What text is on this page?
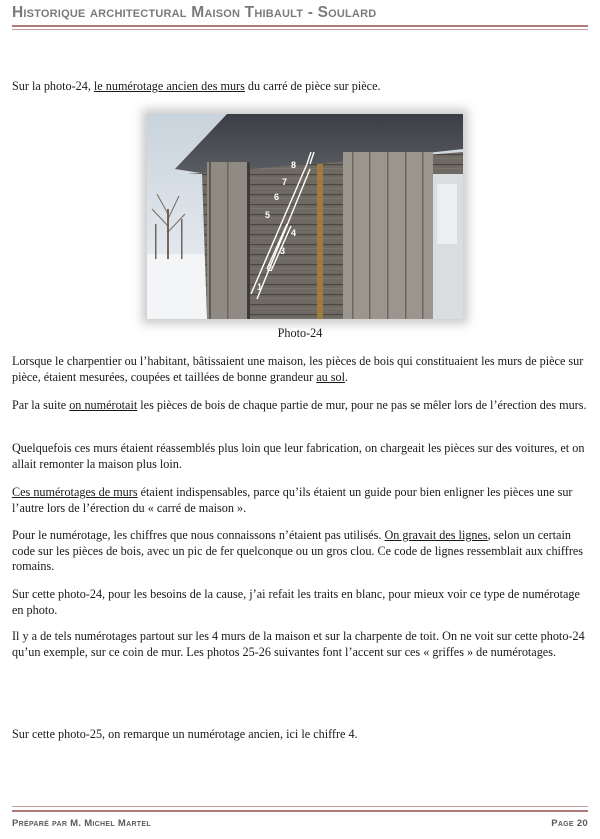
Historique architectural Maison Thibault - Soulard

Sur la photo-24, le numérotage ancien des murs du carré de pièce sur pièce.

1
2
3
4
5
6
7
8
Photo-24

Lorsque le charpentier ou l’habitant, bâtissaient une maison, les pièces de bois qui constituaient les murs de pièce sur pièce, étaient mesurées, coupées et taillées de bonne grandeur au sol.

Par la suite on numérotait les pièces de bois de chaque partie de mur, pour ne pas se mêler lors de l’érection des murs.

Quelquefois ces murs étaient réassemblés plus loin que leur fabrication, on chargeait les pièces sur des voitures, et on allait remonter la maison plus loin.

Ces numérotages de murs étaient indispensables, parce qu’ils étaient un guide pour bien enligner les pièces une sur l’autre lors de l’érection du « carré de maison ».

Pour le numérotage, les chiffres que nous connaissons n’étaient pas utilisés. On gravait des lignes, selon un certain code sur les pièces de bois, avec un pic de fer quelconque ou un gros clou. Ce code de lignes ressemblait aux chiffres romains.

Sur cette photo-24, pour les besoins de la cause, j’ai refait les traits en blanc, pour mieux voir ce type de numérotage en photo.

Il y a de tels numérotages partout sur les 4 murs de la maison et sur la charpente de toit. On ne voit sur cette photo-24 qu’un exemple, sur ce coin de mur. Les photos 25-26 suivantes font l’accent sur ces « griffes » de numérotages.

Sur cette photo-25, on remarque un numérotage ancien, ici le chiffre 4.

Préparé par M. Michel Martel	Page 20
